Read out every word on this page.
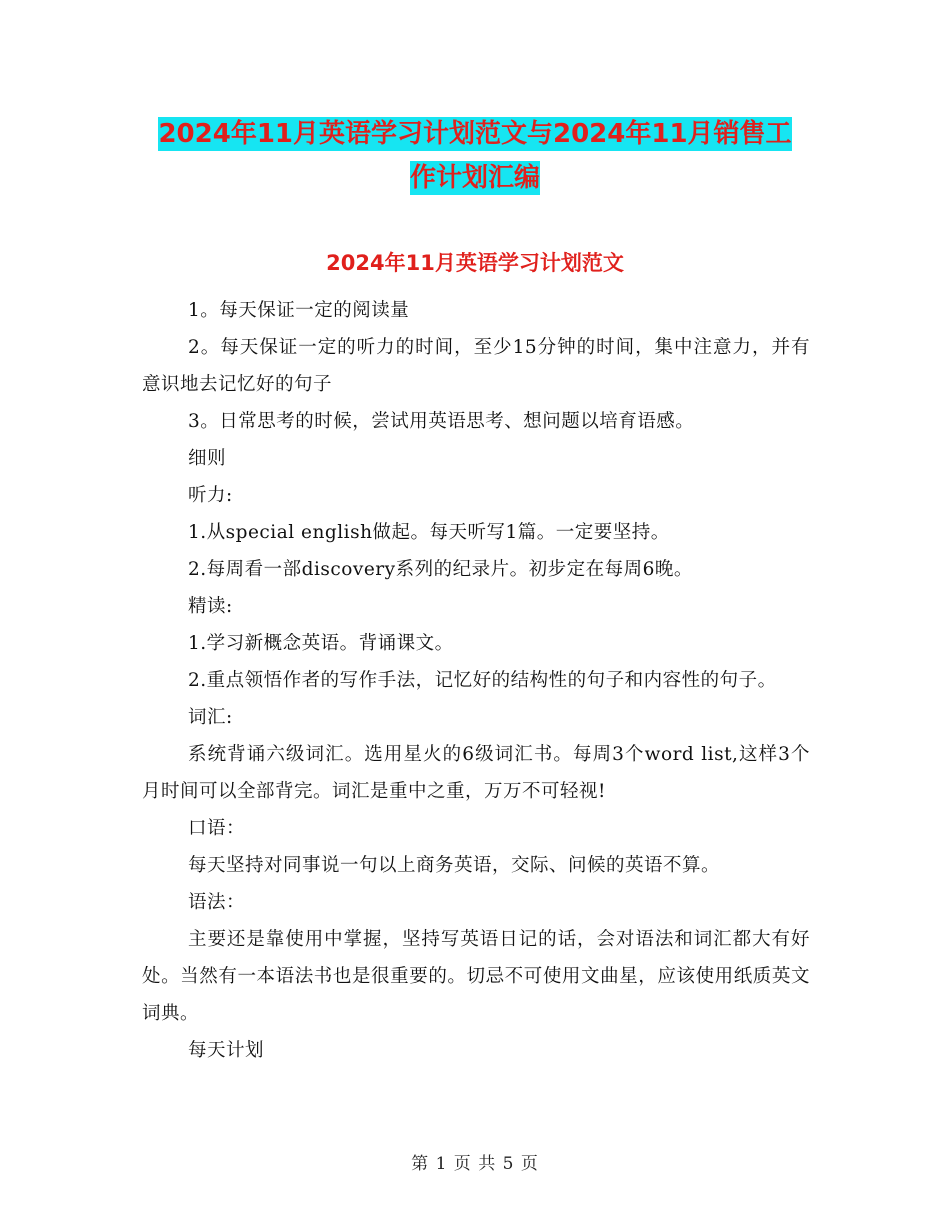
2024年11月英语学习计划范文与2024年11月销售工
作计划汇编
2024年11月英语学习计划范文

1。每天保证一定的阅读量

2。每天保证一定的听力的时间，至少15分钟的时间，集中注意力，并有意识地去记忆好的句子

3。日常思考的时候，尝试用英语思考、想问题以培育语感。

细则

听力:

1.从special english做起。每天听写1篇。一定要坚持。

2.每周看一部discovery系列的纪录片。初步定在每周6晚。

精读:

1.学习新概念英语。背诵课文。

2.重点领悟作者的写作手法，记忆好的结构性的句子和内容性的句子。

词汇:

系统背诵六级词汇。选用星火的6级词汇书。每周3个word list,这样3个月时间可以全部背完。词汇是重中之重，万万不可轻视!

口语：

每天坚持对同事说一句以上商务英语，交际、问候的英语不算。

语法：

主要还是靠使用中掌握，坚持写英语日记的话，会对语法和词汇都大有好处。当然有一本语法书也是很重要的。切忌不可使用文曲星，应该使用纸质英文词典。

每天计划

第 1 页 共 5 页
